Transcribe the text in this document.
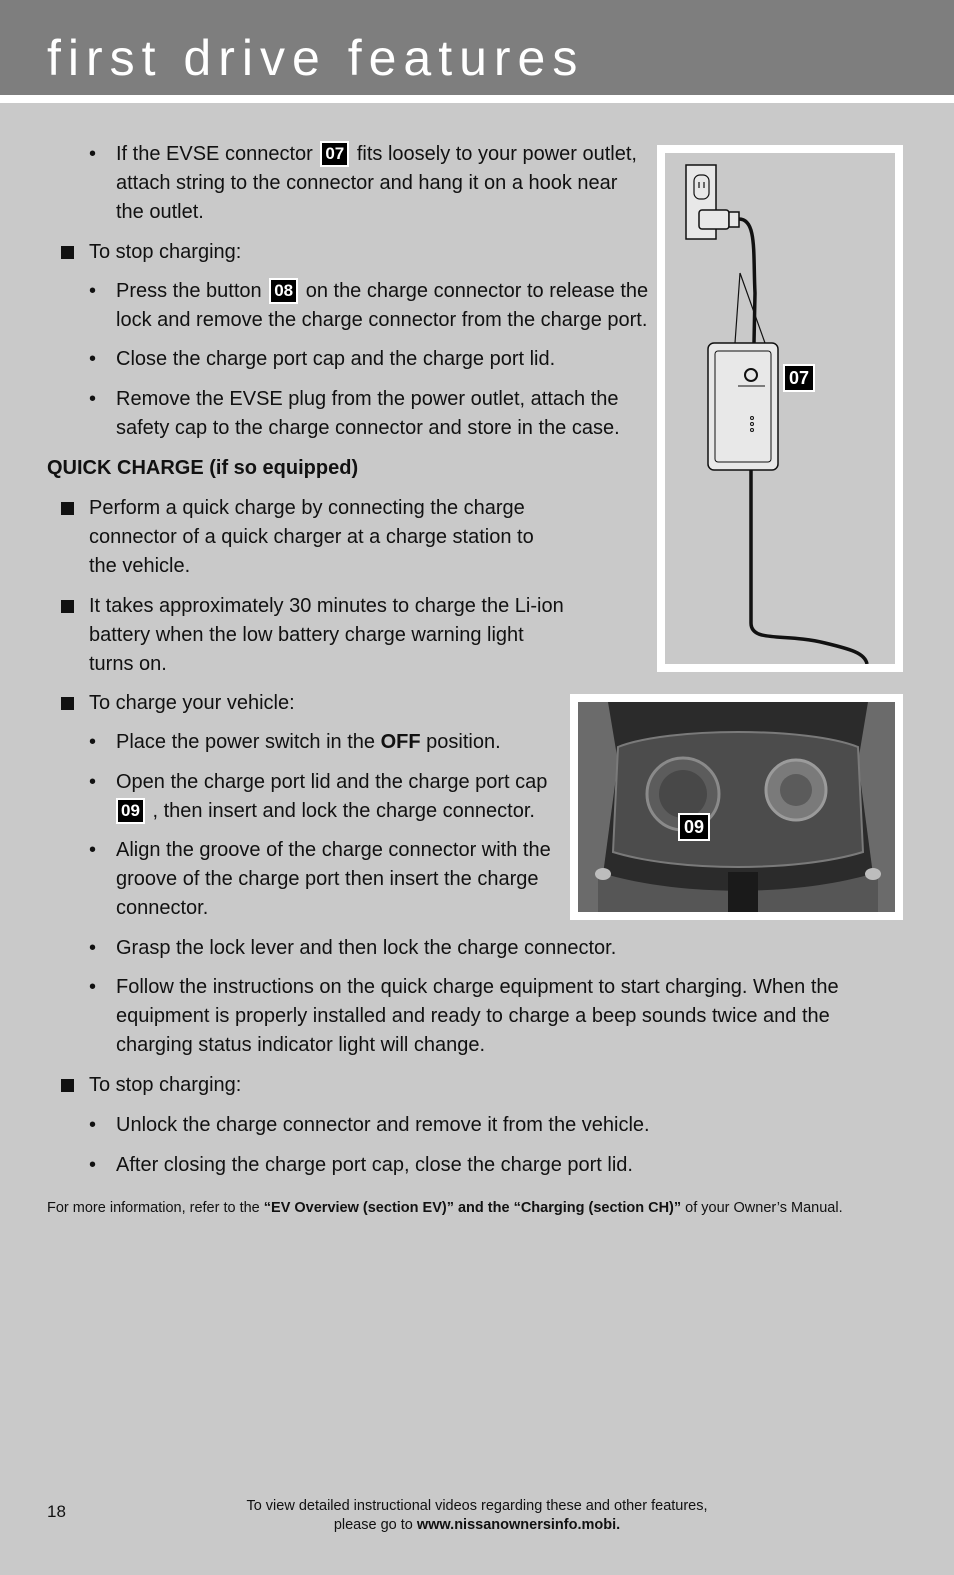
first drive features
• If the EVSE connector 07 fits loosely to your power outlet,

attach string to the connector and hang it on a hook near

the outlet.

To stop charging:

• Press the button 08 on the charge connector to release the

lock and remove the charge connector from the charge port.

• Close the charge port cap and the charge port lid.

• Remove the EVSE plug from the power outlet, attach the

safety cap to the charge connector and store in the case.

QUICK CHARGE (if so equipped)

Perform a quick charge by connecting the charge

connector of a quick charger at a charge station to

the vehicle.

It takes approximately 30 minutes to charge the Li-ion

battery when the low battery charge warning light

turns on.

To charge your vehicle:

• Place the power switch in the OFF position.

• Open the charge port lid and the charge port cap

09 , then insert and lock the charge connector.

• Align the groove of the charge connector with the

groove of the charge port then insert the charge

connector.

• Grasp the lock lever and then lock the charge connector.

• Follow the instructions on the quick charge equipment to start charging. When the

equipment is properly installed and ready to charge a beep sounds twice and the

charging status indicator light will change.

To stop charging:

• Unlock the charge connector and remove it from the vehicle.

• After closing the charge port cap, close the charge port lid.

For more information, refer to the “EV Overview (section EV)” and the “Charging (section CH)” of your Owner’s Manual.

07
09
18	To view detailed instructional videos regarding these and other features,
please go to www.nissanownersinfo.mobi.
